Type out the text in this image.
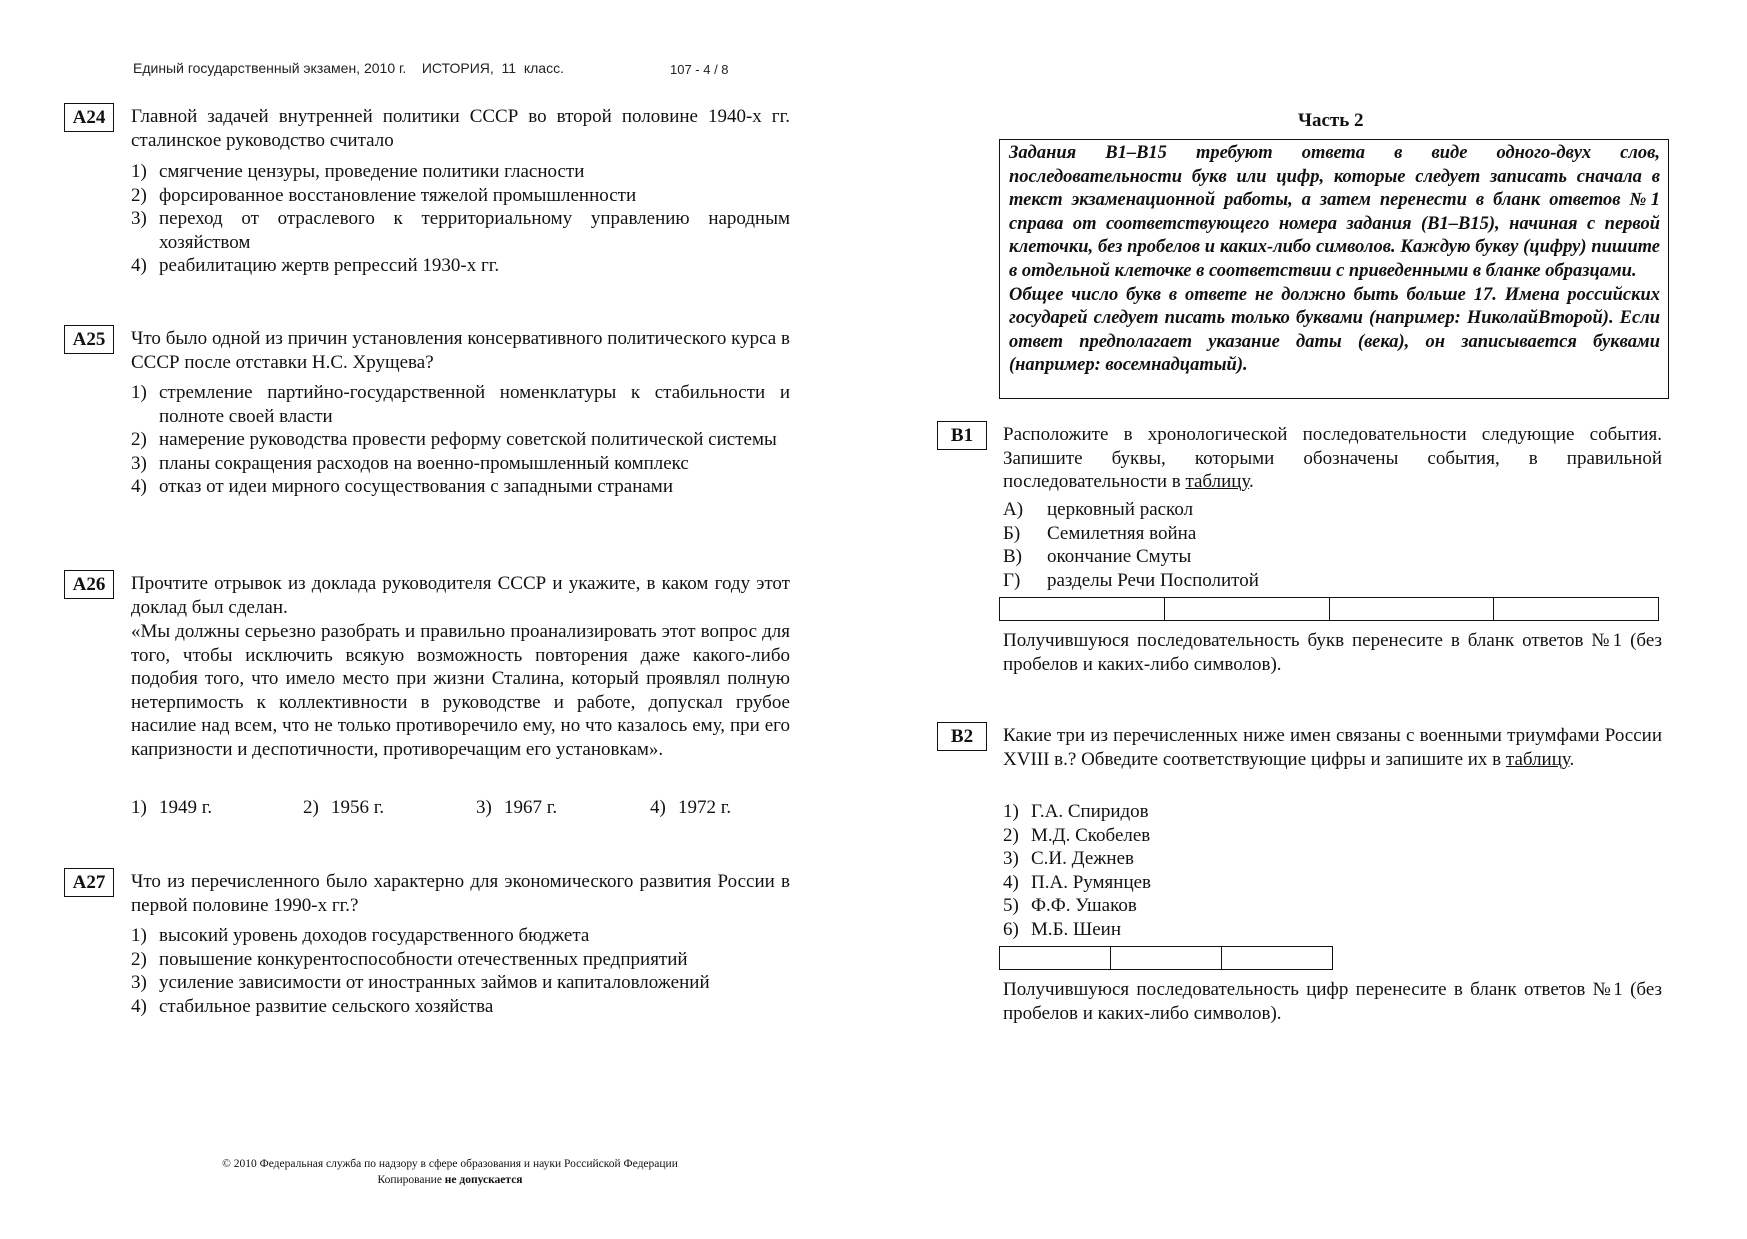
Единый государственный экзамен, 2010 г.    ИСТОРИЯ,  11  класс.	107 - 4 / 8
А24	Главной задачей внутренней политики СССР во второй половине 1940-х гг. сталинское руководство считало
1) смягчение цензуры, проведение политики гласности
2) форсированное восстановление тяжелой промышленности
3) переход от отраслевого к территориальному управлению народным хозяйством
4) реабилитацию жертв репрессий 1930-х гг.
А25	Что было одной из причин установления консервативного политического курса в СССР после отставки Н.С. Хрущева?
1) стремление партийно-государственной номенклатуры к стабильности и полноте своей власти
2) намерение руководства провести реформу советской политической системы
3) планы сокращения расходов на военно-промышленный комплекс
4) отказ от идеи мирного сосуществования с западными странами
А26	Прочтите отрывок из доклада руководителя СССР и укажите, в каком году этот доклад был сделан.
«Мы должны серьезно разобрать и правильно проанализировать этот вопрос для того, чтобы исключить всякую возможность повторения даже какого-либо подобия того, что имело место при жизни Сталина, который проявлял полную нетерпимость к коллективности в руководстве и работе, допускал грубое насилие над всем, что не только противоречило ему, но что казалось ему, при его капризности и деспотичности, противоречащим его установкам».
1) 1949 г.	2) 1956 г.	3) 1967 г.	4) 1972 г.
А27	Что из перечисленного было характерно для экономического развития России в первой половине 1990-х гг.?
1) высокий уровень доходов государственного бюджета
2) повышение конкурентоспособности отечественных предприятий
3) усиление зависимости от иностранных займов и капиталовложений
4) стабильное развитие сельского хозяйства
© 2010 Федеральная служба по надзору в сфере образования и науки Российской Федерации
Копирование не допускается
Часть 2

Задания В1–В15 требуют ответа в виде одного-двух слов, последовательности букв или цифр, которые следует записать сначала в текст экзаменационной работы, а затем перенести в бланк ответов №1 справа от соответствующего номера задания (В1–В15), начиная с первой клеточки, без пробелов и каких-либо символов. Каждую букву (цифру) пишите в отдельной клеточке в соответствии с приведенными в бланке образцами.

Общее число букв в ответе не должно быть больше 17. Имена российских государей следует писать только буквами (например: НиколайВторой). Если ответ предполагает указание даты (века), он записывается буквами (например: восемнадцатый).

В1	Расположите в хронологической последовательности следующие события. Запишите буквы, которыми обозначены события, в правильной последовательности в таблицу.
А)	церковный раскол
Б)	Семилетняя война
В)	окончание Смуты
Г)	разделы Речи Посполитой
Получившуюся последовательность букв перенесите в бланк ответов №1 (без пробелов и каких-либо символов).
В2	Какие три из перечисленных ниже имен связаны с военными триумфами России XVIII в.? Обведите соответствующие цифры и запишите их в таблицу.
1) Г.А. Спиридов
2) М.Д. Скобелев
3) С.И. Дежнев
4) П.А. Румянцев
5) Ф.Ф. Ушаков
6) М.Б. Шеин
Получившуюся последовательность цифр перенесите в бланк ответов №1 (без пробелов и каких-либо символов).
